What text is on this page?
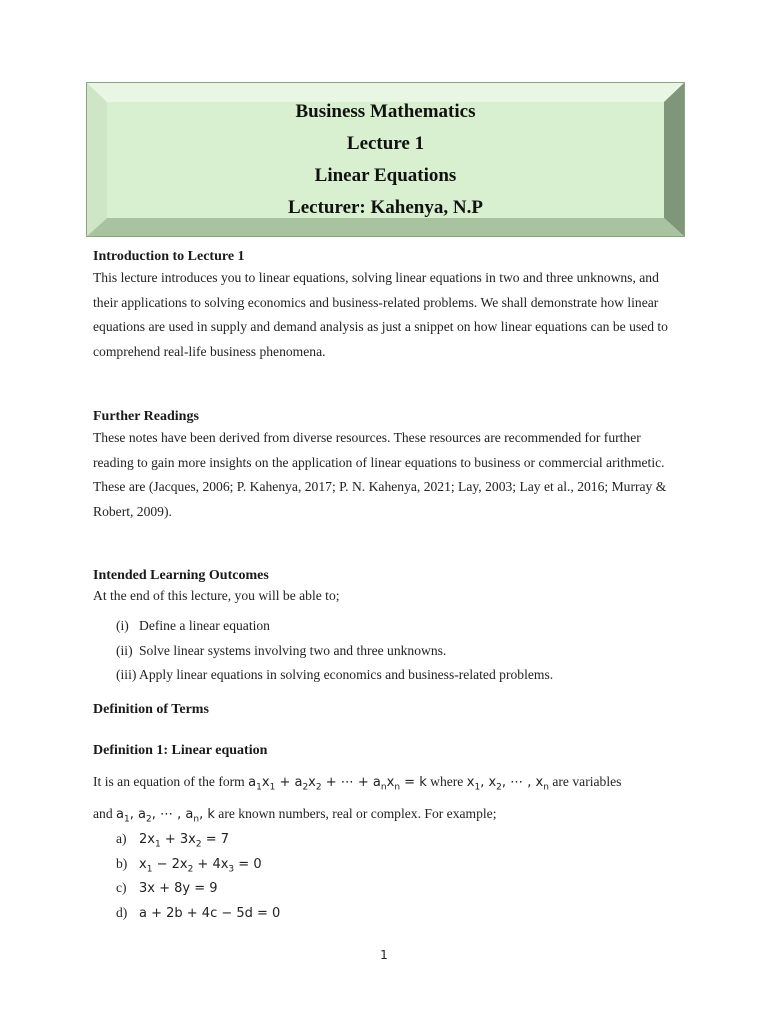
Business Mathematics
Lecture 1
Linear Equations
Lecturer: Kahenya, N.P

Introduction to Lecture 1

This lecture introduces you to linear equations, solving linear equations in two and three unknowns, and their applications to solving economics and business-related problems. We shall demonstrate how linear equations are used in supply and demand analysis as just a snippet on how linear equations can be used to comprehend real-life business phenomena.

Further Readings

These notes have been derived from diverse resources. These resources are recommended for further reading to gain more insights on the application of linear equations to business or commercial arithmetic. These are (Jacques, 2006; P. Kahenya, 2017; P. N. Kahenya, 2021; Lay, 2003; Lay et al., 2016; Murray & Robert, 2009).

Intended Learning Outcomes

At the end of this lecture, you will be able to;

(i) Define a linear equation
(ii) Solve linear systems involving two and three unknowns.
(iii) Apply linear equations in solving economics and business-related problems.

Definition of Terms

Definition 1: Linear equation

It is an equation of the form $a_1x_1 + a_2x_2$ + ⋯ + $a_nx_n = k$ where $x_1$, $x_2$, ⋯ , $x_n$ are variables

and $a_1$, $a_2$, ⋯ , $a_n$, k are known numbers, real or complex. For example;

a) $2x_1 + 3x_2 = 7$
b) $x_1 - 2x_2 + 4x_3 = 0$
c) 3x + 8y = 9
d) a + 2b + 4c − 5d = 0
1
